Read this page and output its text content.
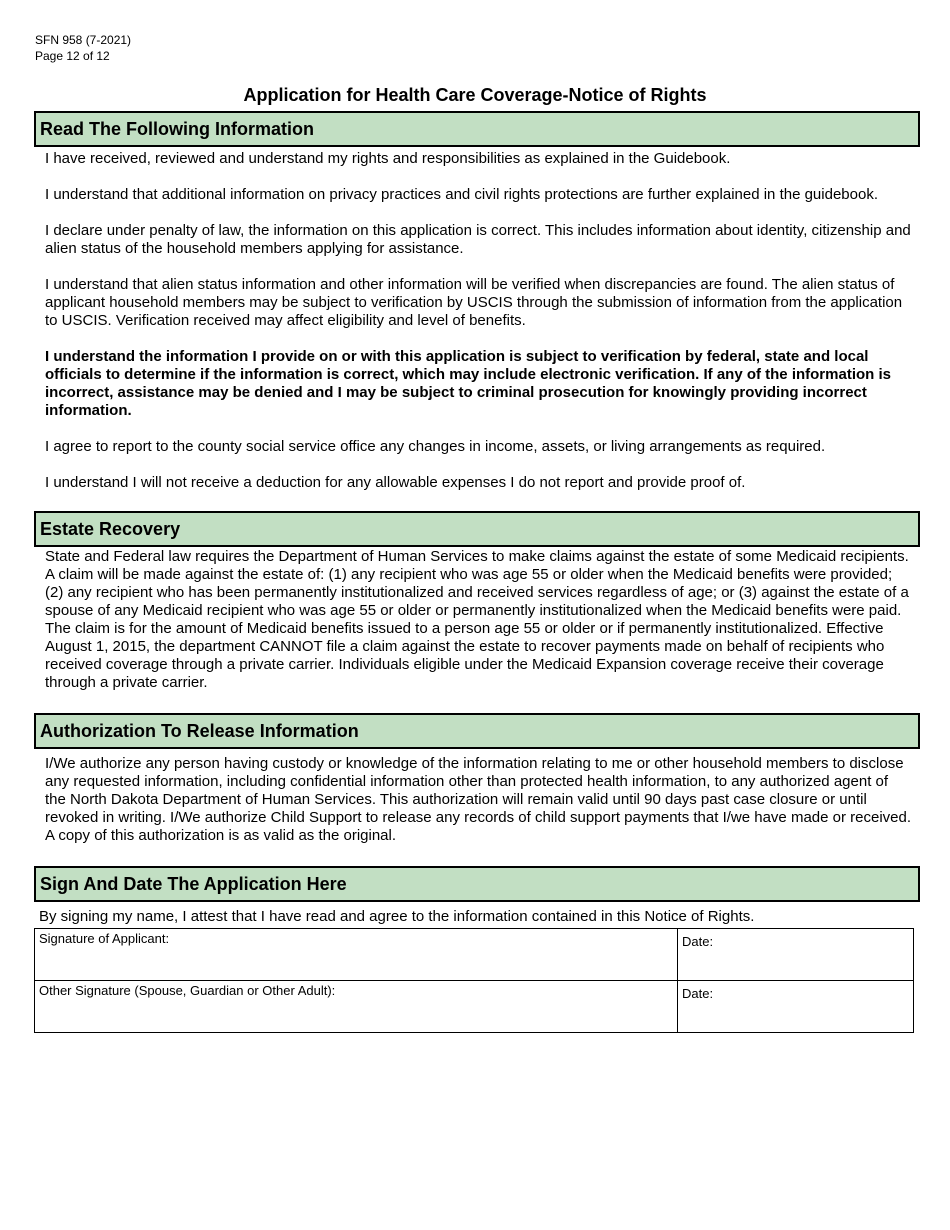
SFN 958 (7-2021)
Page 12 of 12
Application for Health Care Coverage-Notice of Rights
Read The Following Information

I have received, reviewed and understand my rights and responsibilities as explained in the Guidebook.

I understand that additional information on privacy practices and civil rights protections are further explained in the guidebook.

I declare under penalty of law, the information on this application is correct. This includes information about identity, citizenship and alien status of the household members applying for assistance.

I understand that alien status information and other information will be verified when discrepancies are found. The alien status of applicant household members may be subject to verification by USCIS through the submission of information from the application to USCIS. Verification received may affect eligibility and level of benefits.

I understand the information I provide on or with this application is subject to verification by federal, state and local officials to determine if the information is correct, which may include electronic verification. If any of the information is incorrect, assistance may be denied and I may be subject to criminal prosecution for knowingly providing incorrect information.

I agree to report to the county social service office any changes in income, assets, or living arrangements as required.

I understand I will not receive a deduction for any allowable expenses I do not report and provide proof of.

Estate Recovery

State and Federal law requires the Department of Human Services to make claims against the estate of some Medicaid recipients. A claim will be made against the estate of: (1) any recipient who was age 55 or older when the Medicaid benefits were provided; (2) any recipient who has been permanently institutionalized and received services regardless of age; or (3) against the estate of a spouse of any Medicaid recipient who was age 55 or older or permanently institutionalized when the Medicaid benefits were paid. The claim is for the amount of Medicaid benefits issued to a person age 55 or older or if permanently institutionalized. Effective August 1, 2015, the department CANNOT file a claim against the estate to recover payments made on behalf of recipients who received coverage through a private carrier. Individuals eligible under the Medicaid Expansion coverage receive their coverage through a private carrier.

Authorization To Release Information

I/We authorize any person having custody or knowledge of the information relating to me or other household members to disclose any requested information, including confidential information other than protected health information, to any authorized agent of the North Dakota Department of Human Services. This authorization will remain valid until 90 days past case closure or until revoked in writing. I/We authorize Child Support to release any records of child support payments that I/we have made or received. A copy of this authorization is as valid as the original.

Sign And Date The Application Here
By signing my name, I attest that I have read and agree to the information contained in this Notice of Rights.
Signature of Applicant:	Date:
Other Signature (Spouse, Guardian or Other Adult):	Date:
